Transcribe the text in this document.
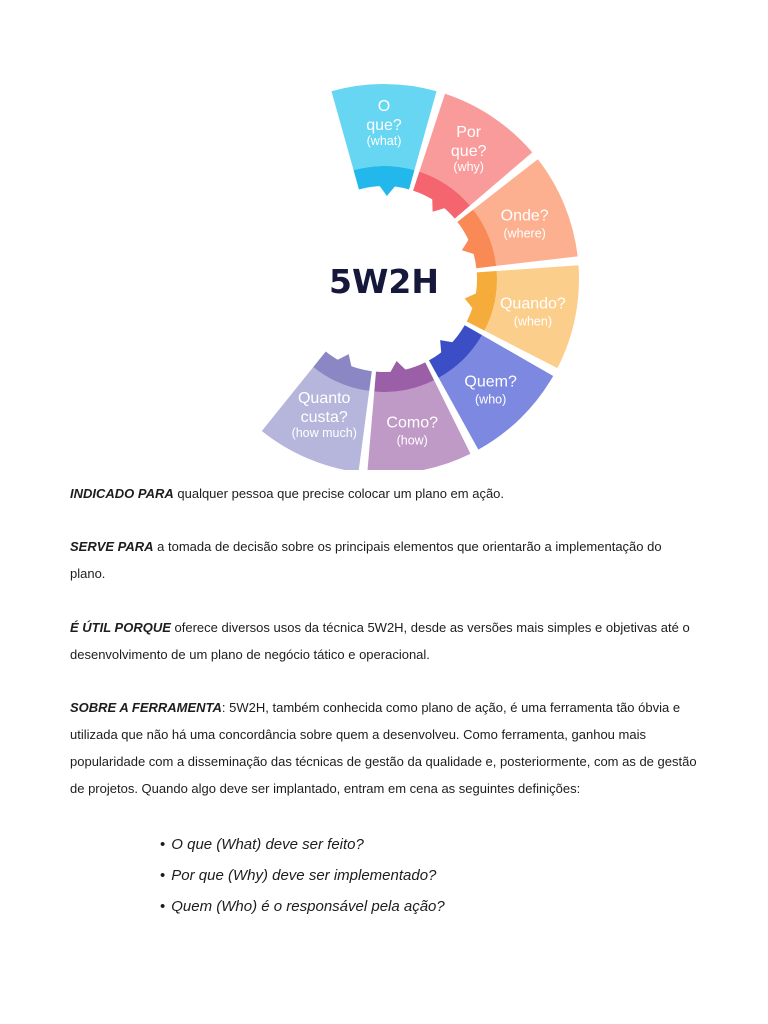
O
que?
(what)
Por
que?
(why)
Onde?
(where)
Quando?
(when)
Quem?
(who)
Como?
(how)
Quanto
custa?
(how much)
5W2H
INDICADO PARA qualquer pessoa que precise colocar um plano em ação.
SERVE PARA a tomada de decisão sobre os principais elementos que orientarão a implementação do plano.
É ÚTIL PORQUE oferece diversos usos da técnica 5W2H, desde as versões mais simples e objetivas até o desenvolvimento de um plano de negócio tático e operacional.
SOBRE A FERRAMENTA: 5W2H, também conhecida como plano de ação, é uma ferramenta tão óbvia e utilizada que não há uma concordância sobre quem a desenvolveu. Como ferramenta, ganhou mais popularidade com a disseminação das técnicas de gestão da qualidade e, posteriormente, com as de gestão de projetos. Quando algo deve ser implantado, entram em cena as seguintes definições:
• O que (What) deve ser feito?
• Por que (Why) deve ser implementado?
• Quem (Who) é o responsável pela ação?
